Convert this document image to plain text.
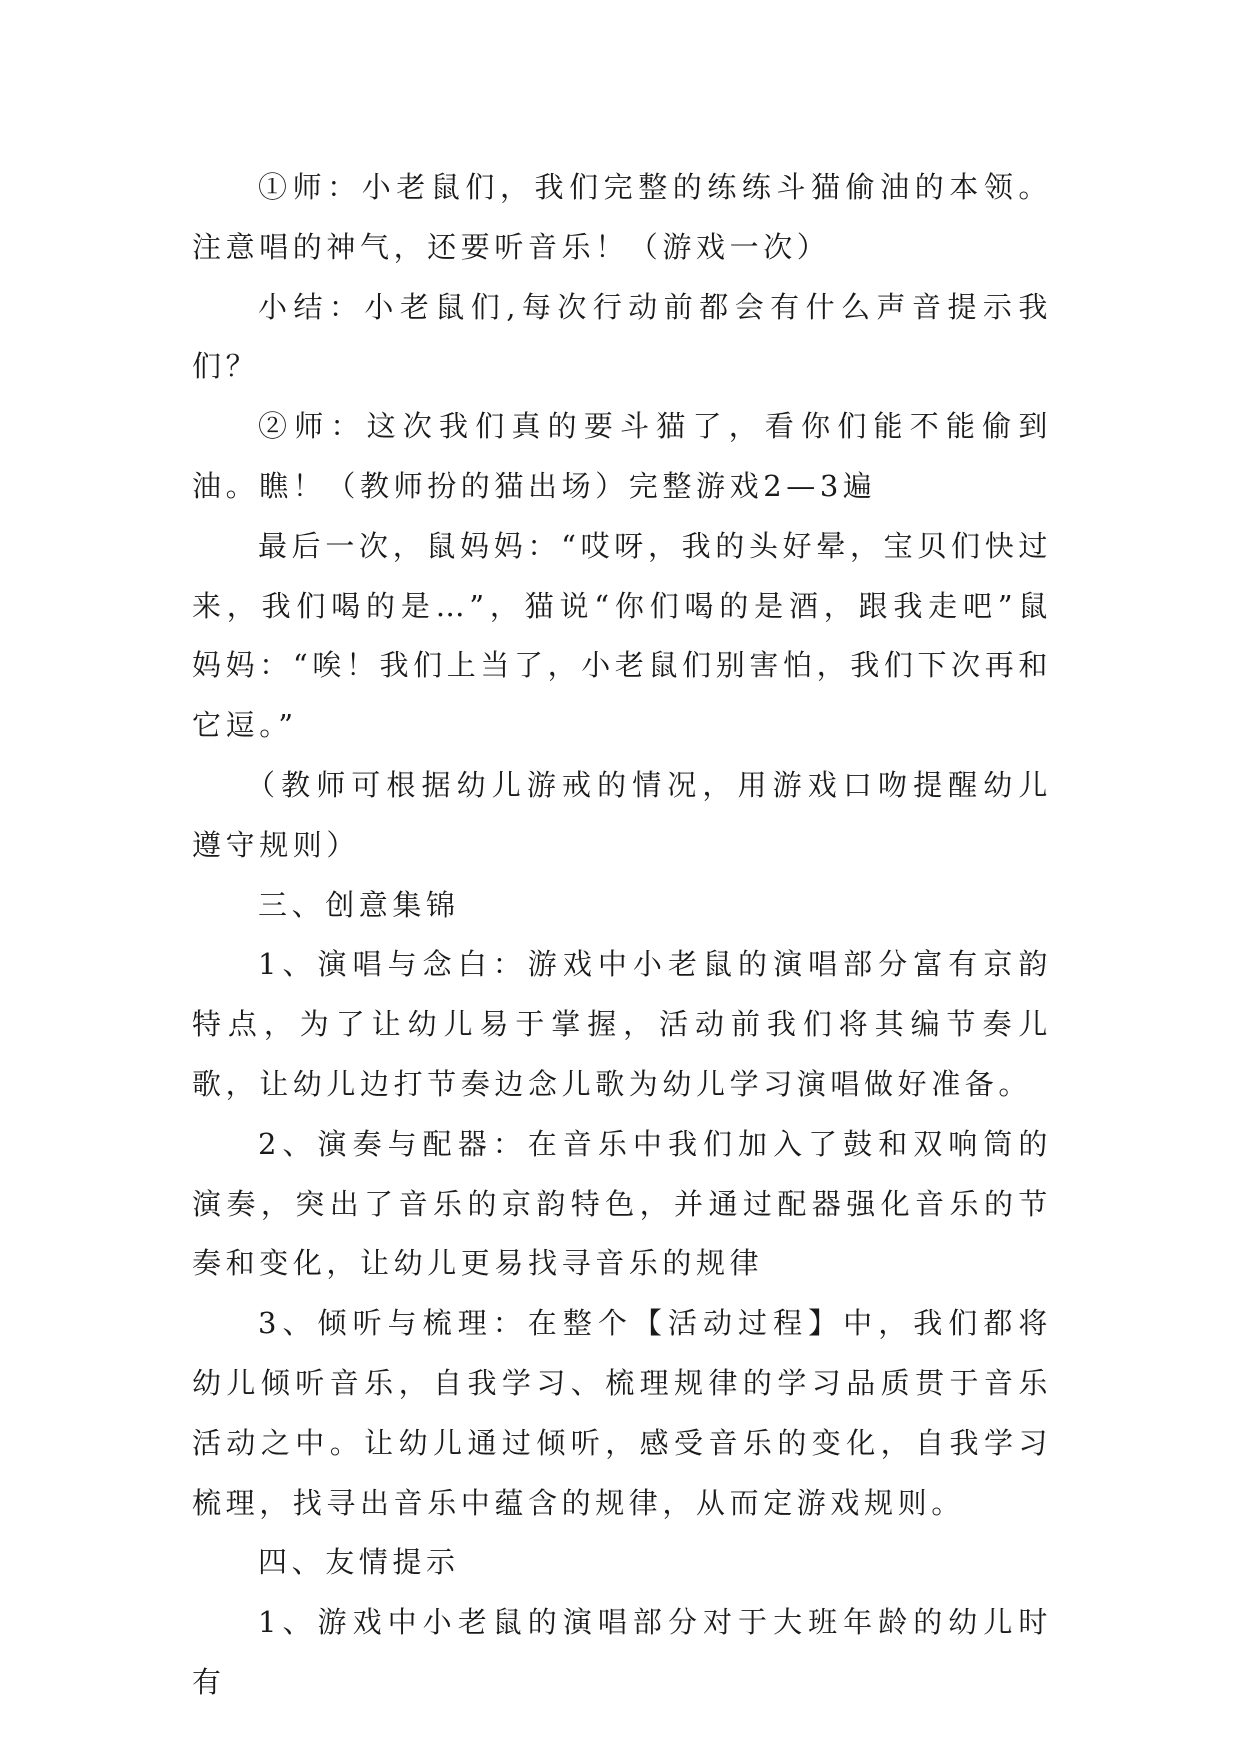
①师：小老鼠们，我们完整的练练斗猫偷油的本领。注意唱的神气，还要听音乐！（游戏一次）

小结：小老鼠们,每次行动前都会有什么声音提示我们？

②师：这次我们真的要斗猫了，看你们能不能偷到油。瞧！（教师扮的猫出场）完整游戏2—3遍

最后一次，鼠妈妈：“哎呀，我的头好晕，宝贝们快过来，我们喝的是…”，猫说“你们喝的是酒，跟我走吧”鼠妈妈：“唉！我们上当了，小老鼠们别害怕，我们下次再和它逗。”

（教师可根据幼儿游戒的情况，用游戏口吻提醒幼儿遵守规则）

三、创意集锦

1、演唱与念白：游戏中小老鼠的演唱部分富有京韵特点，为了让幼儿易于掌握，活动前我们将其编节奏儿歌，让幼儿边打节奏边念儿歌为幼儿学习演唱做好准备。

2、演奏与配器：在音乐中我们加入了鼓和双响筒的演奏，突出了音乐的京韵特色，并通过配器强化音乐的节奏和变化，让幼儿更易找寻音乐的规律

3、倾听与梳理：在整个【活动过程】中，我们都将幼儿倾听音乐，自我学习、梳理规律的学习品质贯于音乐活动之中。让幼儿通过倾听，感受音乐的变化，自我学习梳理，找寻出音乐中蕴含的规律，从而定游戏规则。

四、友情提示

1、游戏中小老鼠的演唱部分对于大班年龄的幼儿时有
